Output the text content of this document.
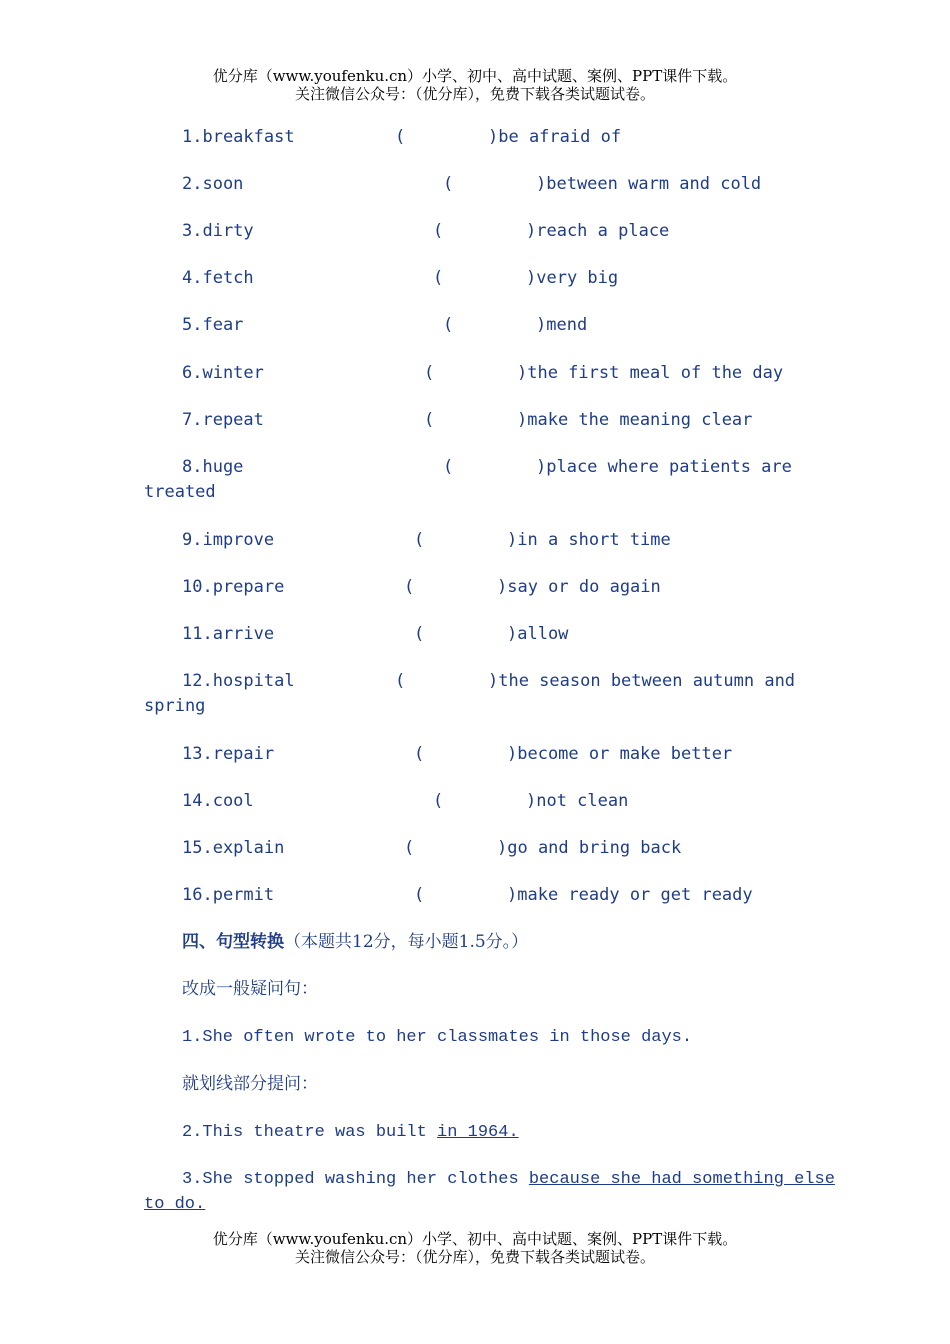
优分库（www.youfenku.cn）小学、初中、高中试题、案例、PPT课件下载。
关注微信公众号：（优分库），免费下载各类试题试卷。
1.breakfast	(	)be afraid of
2.soon	(	)between warm and cold
3.dirty	(	)reach a place
4.fetch	(	)very big
5.fear	(	)mend
6.winter	(	)the first meal of the day
7.repeat	(	)make the meaning clear
8.huge	(	)place where patients are
treated
9.improve	(	)in a short time
10.prepare	(	)say or do again
11.arrive	(	)allow
12.hospital	(	)the season between autumn and
spring
13.repair	(	)become or make better
14.cool	(	)not clean
15.explain	(	)go and bring back
16.permit	(	)make ready or get ready
四、句型转换（本题共12分，每小题1.5分。）
改成一般疑问句：
1.She often wrote to her classmates in those days.
就划线部分提问：
2.This theatre was built in 1964.
3.She stopped washing her clothes because she had something else
to do.
优分库（www.youfenku.cn）小学、初中、高中试题、案例、PPT课件下载。
关注微信公众号：（优分库），免费下载各类试题试卷。
